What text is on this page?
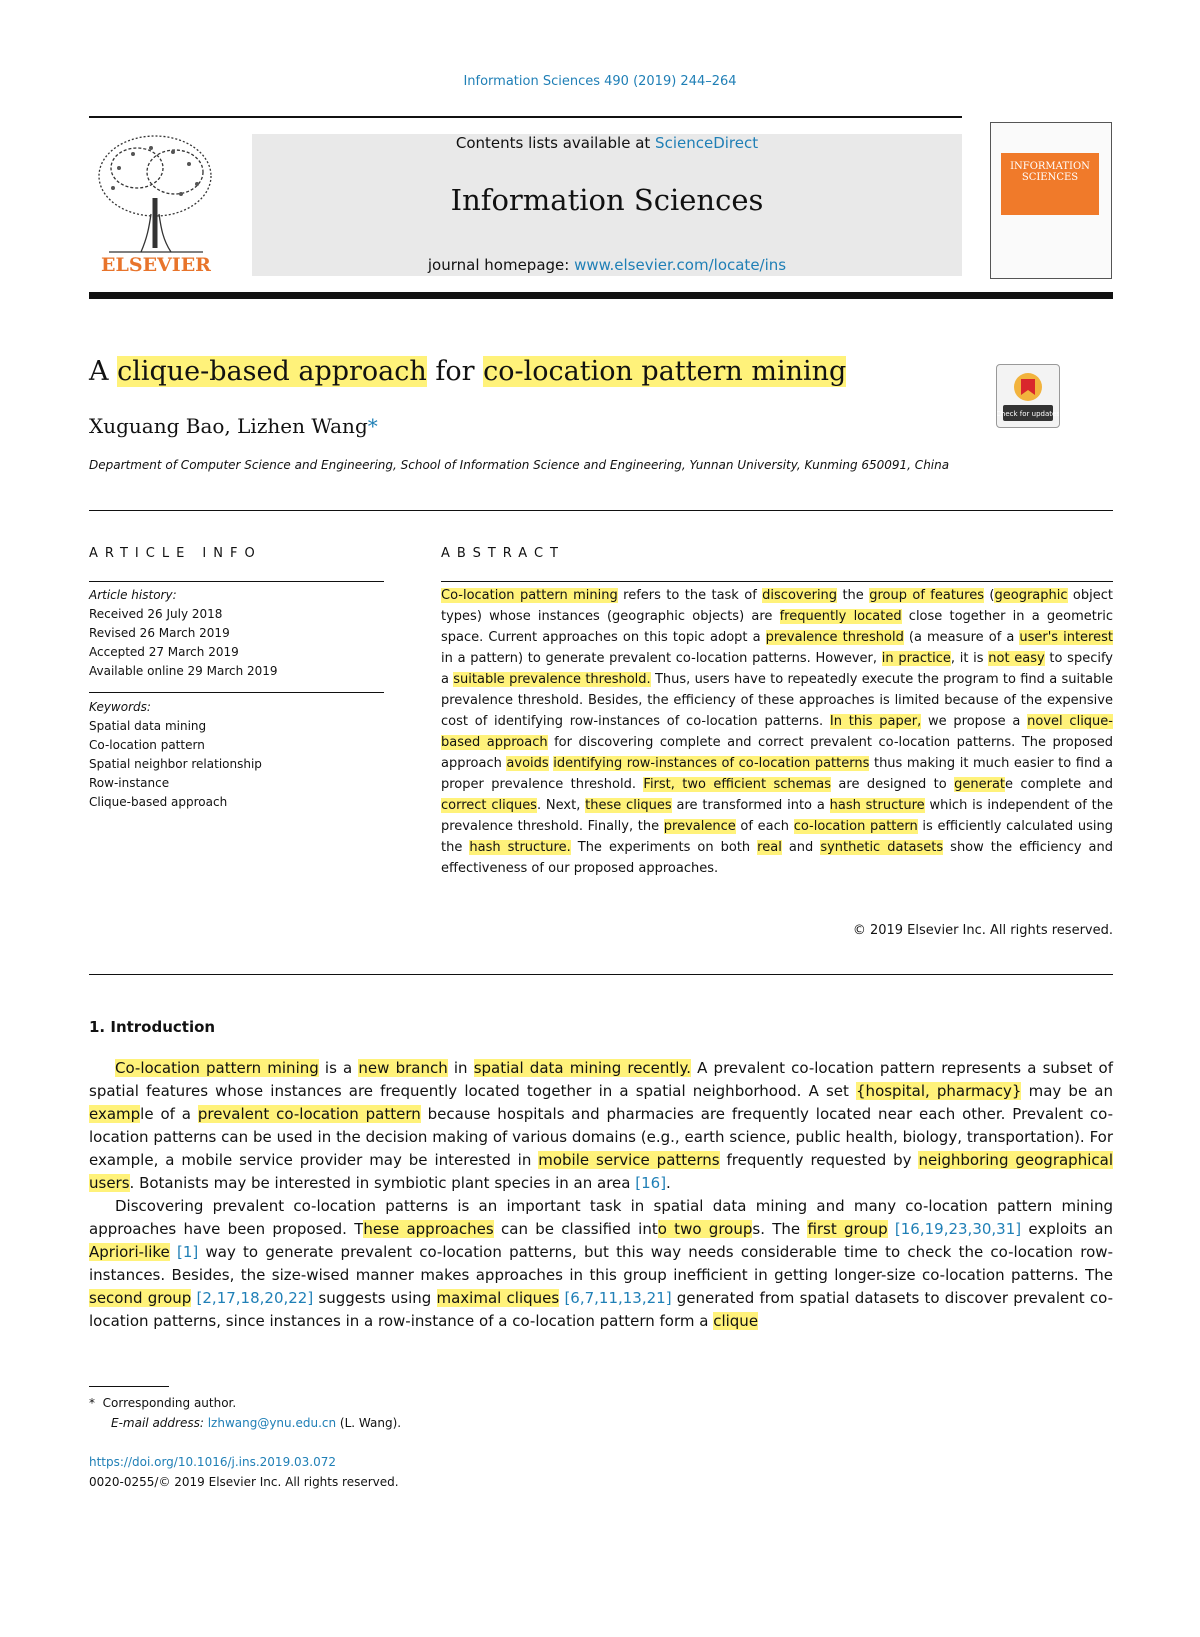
Information Sciences 490 (2019) 244–264
ELSEVIER
Contents lists available at ScienceDirect
Information Sciences
journal homepage: www.elsevier.com/locate/ins
INFORMATION SCIENCES
A clique-based approach for co-location pattern mining
Check for updates
Xuguang Bao, Lizhen Wang*
Department of Computer Science and Engineering, School of Information Science and Engineering, Yunnan University, Kunming 650091, China
ARTICLE INFO
Article history:
Received 26 July 2018
Revised 26 March 2019
Accepted 27 March 2019
Available online 29 March 2019
Keywords:
Spatial data mining
Co-location pattern
Spatial neighbor relationship
Row-instance
Clique-based approach
ABSTRACT
Co-location pattern mining refers to the task of discovering the group of features (geographic object types) whose instances (geographic objects) are frequently located close together in a geometric space. Current approaches on this topic adopt a prevalence threshold (a measure of a user's interest in a pattern) to generate prevalent co-location patterns. However, in practice, it is not easy to specify a suitable prevalence threshold. Thus, users have to repeatedly execute the program to find a suitable prevalence threshold. Besides, the efficiency of these approaches is limited because of the expensive cost of identifying row-instances of co-location patterns. In this paper, we propose a novel clique-based approach for discovering complete and correct prevalent co-location patterns. The proposed approach avoids identifying row-instances of co-location patterns thus making it much easier to find a proper prevalence threshold. First, two efficient schemas are designed to generate complete and correct cliques. Next, these cliques are transformed into a hash structure which is independent of the prevalence threshold. Finally, the prevalence of each co-location pattern is efficiently calculated using the hash structure. The experiments on both real and synthetic datasets show the efficiency and effectiveness of our proposed approaches.
© 2019 Elsevier Inc. All rights reserved.
1. Introduction

Co-location pattern mining is a new branch in spatial data mining recently. A prevalent co-location pattern represents a subset of spatial features whose instances are frequently located together in a spatial neighborhood. A set {hospital, pharmacy} may be an example of a prevalent co-location pattern because hospitals and pharmacies are frequently located near each other. Prevalent co-location patterns can be used in the decision making of various domains (e.g., earth science, public health, biology, transportation). For example, a mobile service provider may be interested in mobile service patterns frequently requested by neighboring geographical users. Botanists may be interested in symbiotic plant species in an area [16].

Discovering prevalent co-location patterns is an important task in spatial data mining and many co-location pattern mining approaches have been proposed. These approaches can be classified into two groups. The first group [16,19,23,30,31] exploits an Apriori-like [1] way to generate prevalent co-location patterns, but this way needs considerable time to check the co-location row-instances. Besides, the size-wised manner makes approaches in this group inefficient in getting longer-size co-location patterns. The second group [2,17,18,20,22] suggests using maximal cliques [6,7,11,13,21] generated from spatial datasets to discover prevalent co-location patterns, since instances in a row-instance of a co-location pattern form a clique

* Corresponding author.
E-mail address: lzhwang@ynu.edu.cn (L. Wang).
https://doi.org/10.1016/j.ins.2019.03.072
0020-0255/© 2019 Elsevier Inc. All rights reserved.
